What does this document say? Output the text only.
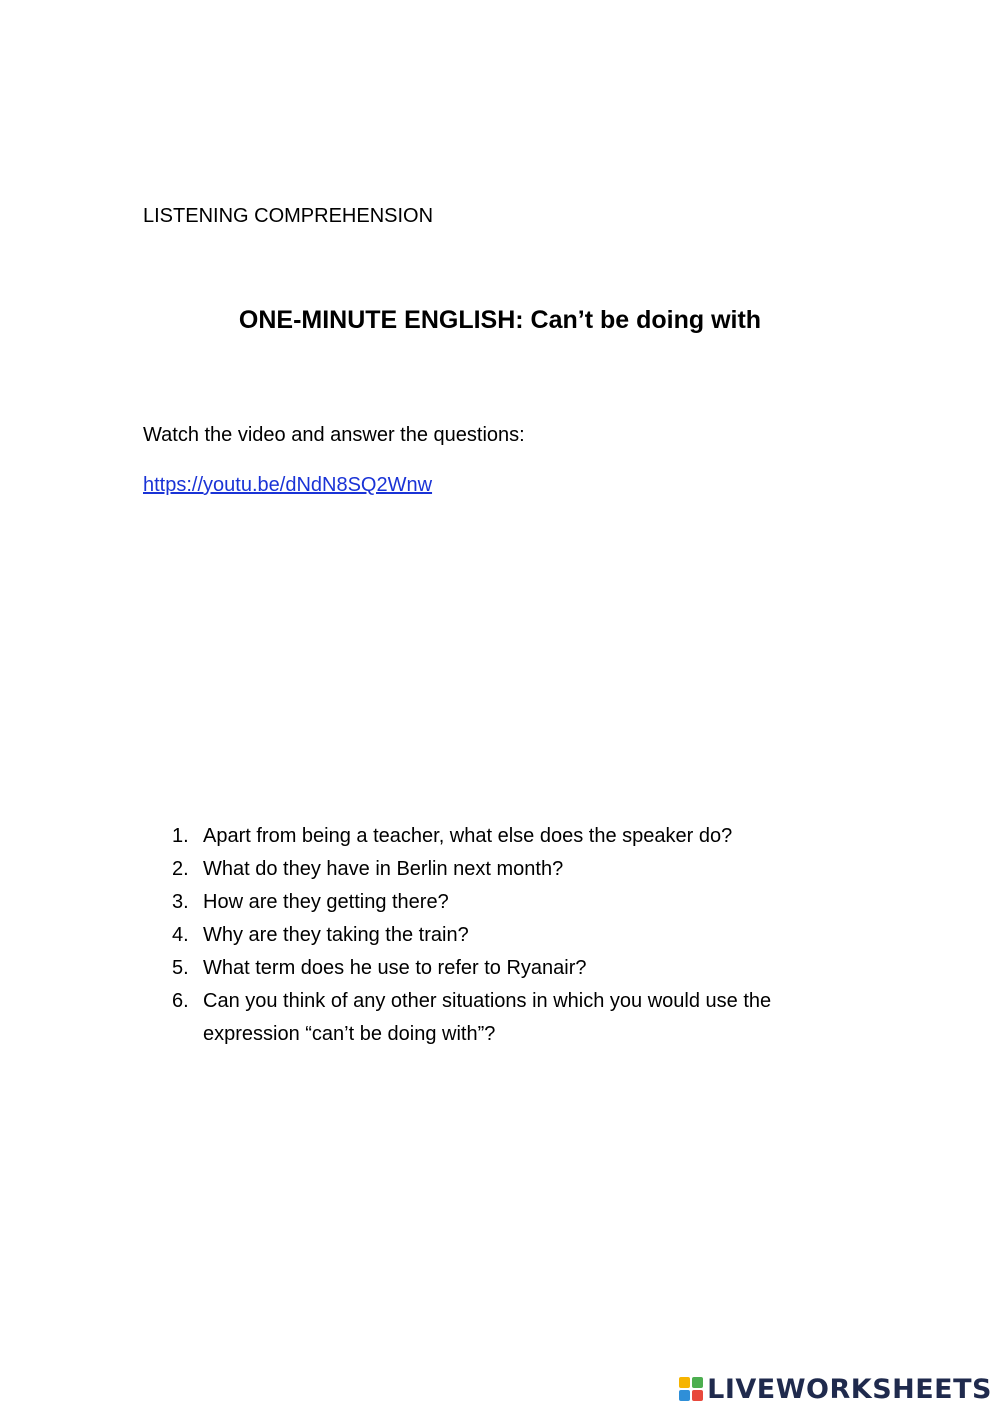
LISTENING COMPREHENSION
ONE-MINUTE ENGLISH: Can’t be doing with
Watch the video and answer the questions:
https://youtu.be/dNdN8SQ2Wnw
1. Apart from being a teacher, what else does the speaker do?
2. What do they have in Berlin next month?
3. How are they getting there?
4. Why are they taking the train?
5. What term does he use to refer to Ryanair?
6. Can you think of any other situations in which you would use the expression “can’t be doing with”?
LIVEWORKSHEETS
